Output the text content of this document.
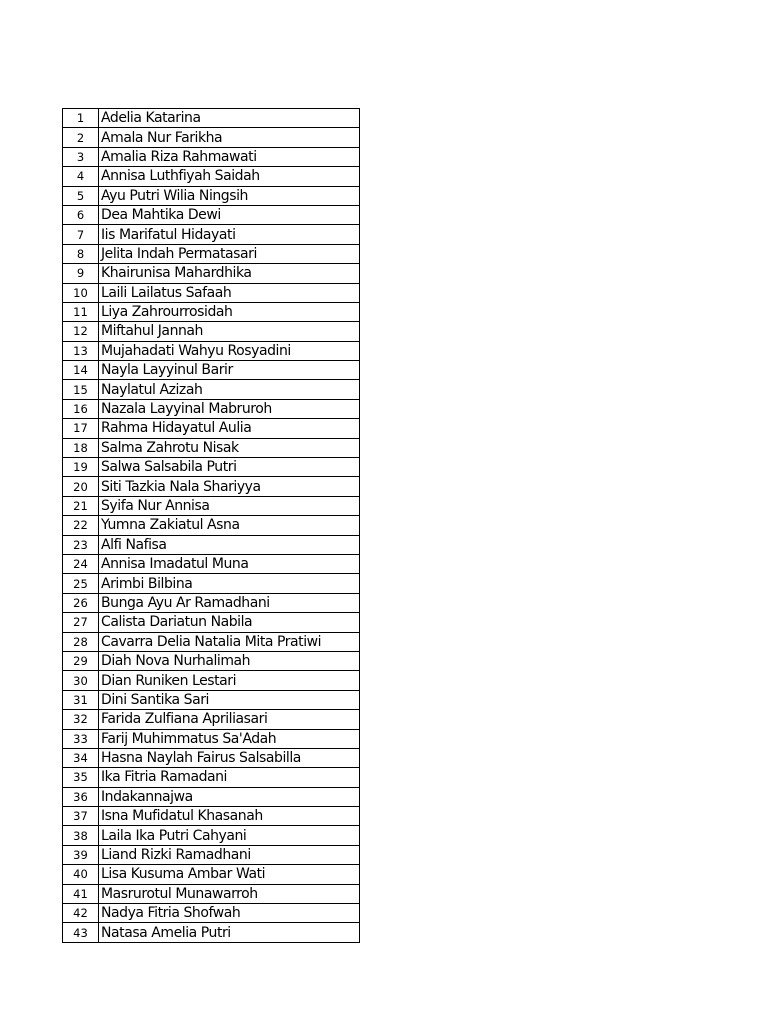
1	Adelia Katarina
2	Amala Nur Farikha
3	Amalia Riza Rahmawati
4	Annisa Luthfiyah Saidah
5	Ayu Putri Wilia Ningsih
6	Dea Mahtika Dewi
7	Iis Marifatul Hidayati
8	Jelita Indah Permatasari
9	Khairunisa Mahardhika
10	Laili Lailatus Safaah
11	Liya Zahrourrosidah
12	Miftahul Jannah
13	Mujahadati Wahyu Rosyadini
14	Nayla Layyinul Barir
15	Naylatul Azizah
16	Nazala Layyinal Mabruroh
17	Rahma Hidayatul Aulia
18	Salma Zahrotu Nisak
19	Salwa Salsabila Putri
20	Siti Tazkia Nala Shariyya
21	Syifa Nur Annisa
22	Yumna Zakiatul Asna
23	Alfi Nafisa
24	Annisa Imadatul Muna
25	Arimbi Bilbina
26	Bunga Ayu Ar Ramadhani
27	Calista Dariatun Nabila
28	Cavarra Delia Natalia Mita Pratiwi
29	Diah Nova Nurhalimah
30	Dian Runiken Lestari
31	Dini Santika Sari
32	Farida Zulfiana Apriliasari
33	Farij Muhimmatus Sa'Adah
34	Hasna Naylah Fairus Salsabilla
35	Ika Fitria Ramadani
36	Indakannajwa
37	Isna Mufidatul Khasanah
38	Laila Ika Putri Cahyani
39	Liand Rizki Ramadhani
40	Lisa Kusuma Ambar Wati
41	Masrurotul Munawarroh
42	Nadya Fitria Shofwah
43	Natasa Amelia Putri
